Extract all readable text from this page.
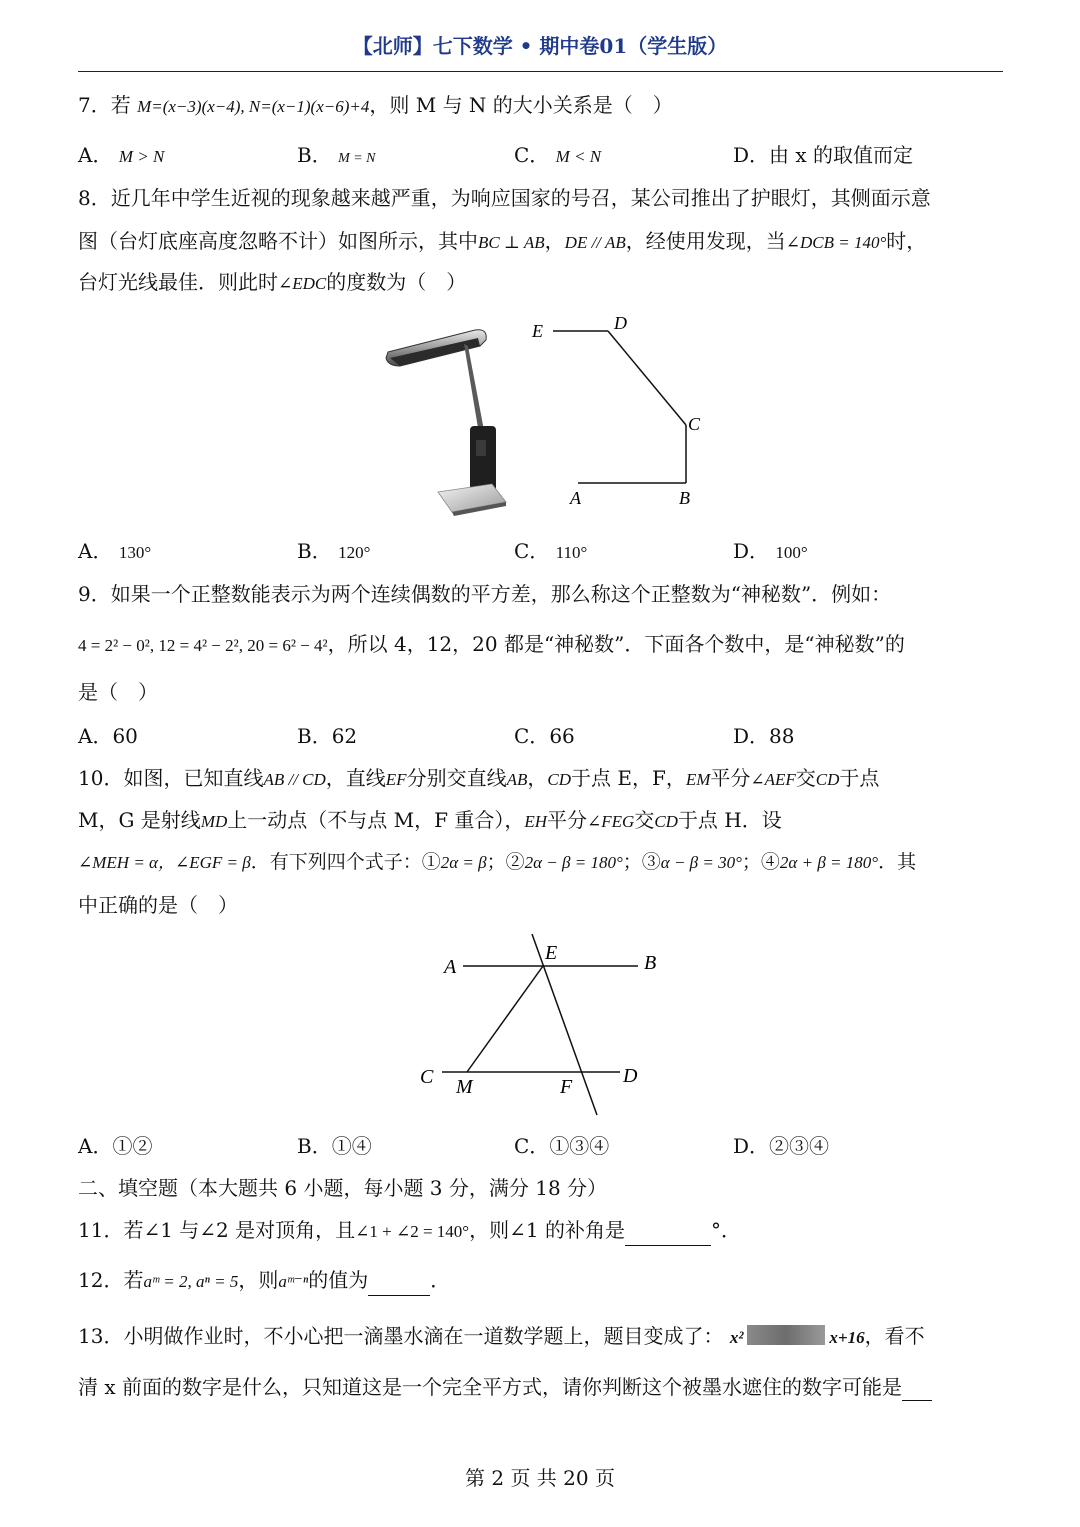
【北师】七下数学 • 期中卷01（学生版）
7．若 M=(x−3)(x−4), N=(x−1)(x−6)+4，则 M 与 N 的大小关系是（　）
A． M > N	B． M = N	C． M < N	D．由 x 的取值而定
8．近几年中学生近视的现象越来越严重，为响应国家的号召，某公司推出了护眼灯，其侧面示意
图（台灯底座高度忽略不计）如图所示，其中BC ⊥ AB，DE // AB，经使用发现，当∠DCB = 140°时，
台灯光线最佳．则此时∠EDC的度数为（　）
E	D
C
A	B
A． 130°	B． 120°	C． 110°	D． 100°
9．如果一个正整数能表示为两个连续偶数的平方差，那么称这个正整数为“神秘数”．例如：
4 = 2² − 0², 12 = 4² − 2², 20 = 6² − 4²，所以 4，12，20 都是“神秘数”．下面各个数中，是“神秘数”的
是（　）
A．60	B．62	C．66	D．88
10．如图，已知直线AB // CD，直线EF分别交直线AB，CD于点 E，F，EM平分∠AEF交CD于点
M，G 是射线MD上一动点（不与点 M，F 重合），EH平分∠FEG交CD于点 H．设
∠MEH = α，∠EGF = β．有下列四个式子：①2α = β；②2α − β = 180°；③α − β = 30°；④2α + β = 180°．其
中正确的是（　）
A
E	B
C M	F	D
A．①②	B．①④	C．①③④	D．②③④
二、填空题（本大题共 6 小题，每小题 3 分，满分 18 分）
11．若∠1 与∠2 是对顶角，且∠1 + ∠2 = 140°，则∠1 的补角是	°．
12．若aᵐ = 2, aⁿ = 5，则aᵐ⁻ⁿ的值为	．
13．小明做作业时，不小心把一滴墨水滴在一道数学题上，题目变成了： x²	x+16，看不
清 x 前面的数字是什么，只知道这是一个完全平方式，请你判断这个被墨水遮住的数字可能是
第 2 页 共 20 页
